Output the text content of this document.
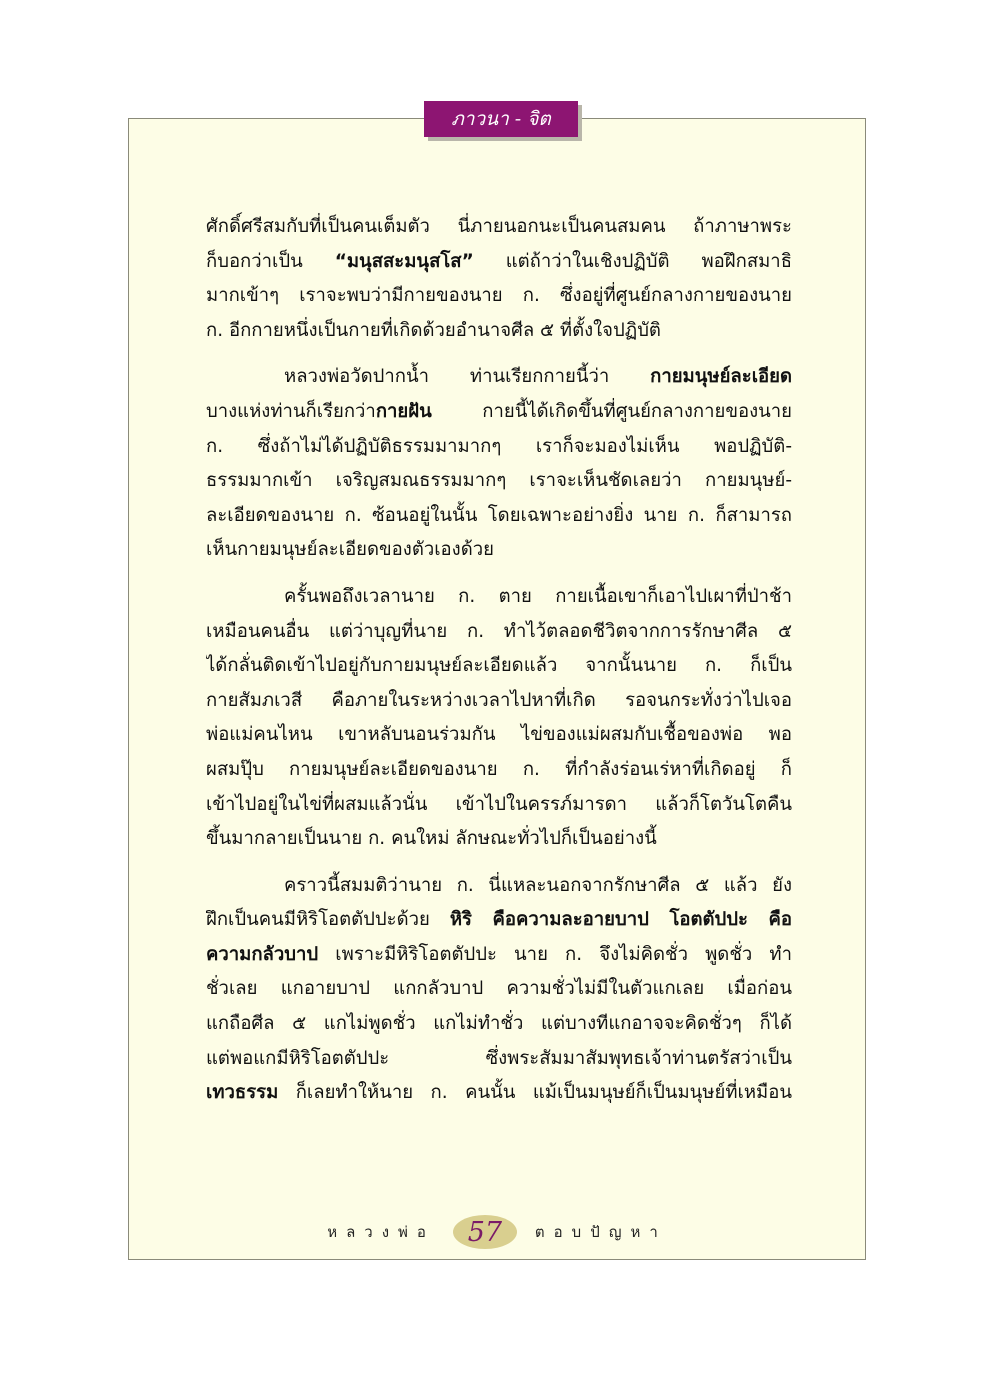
ภาวนา - จิต

ศักดิ์ศรีสมกับที่เป็นคนเต็มตัว นี่ภายนอกนะเป็นคนสมคน ถ้าภาษาพระ
ก็บอกว่าเป็น “มนุสสะมนุสโส” แต่ถ้าว่าในเชิงปฏิบัติ พอฝึกสมาธิ
มากเข้าๆ เราจะพบว่ามีกายของนาย ก. ซึ่งอยู่ที่ศูนย์กลางกายของนาย
ก. อีกกายหนึ่งเป็นกายที่เกิดด้วยอำนาจศีล ๕ ที่ตั้งใจปฏิบัติ

หลวงพ่อวัดปากน้ำ ท่านเรียกกายนี้ว่า กายมนุษย์ละเอียด
บางแห่งท่านก็เรียกว่ากายฝัน กายนี้ได้เกิดขึ้นที่ศูนย์กลางกายของนาย
ก. ซึ่งถ้าไม่ได้ปฏิบัติธรรมมามากๆ เราก็จะมองไม่เห็น พอปฏิบัติ-
ธรรมมากเข้า เจริญสมณธรรมมากๆ เราจะเห็นชัดเลยว่า กายมนุษย์-
ละเอียดของนาย ก. ซ้อนอยู่ในนั้น โดยเฉพาะอย่างยิ่ง นาย ก. ก็สามารถ
เห็นกายมนุษย์ละเอียดของตัวเองด้วย

ครั้นพอถึงเวลานาย ก. ตาย กายเนื้อเขาก็เอาไปเผาที่ป่าช้า
เหมือนคนอื่น แต่ว่าบุญที่นาย ก. ทำไว้ตลอดชีวิตจากการรักษาศีล ๕
ได้กลั่นติดเข้าไปอยู่กับกายมนุษย์ละเอียดแล้ว จากนั้นนาย ก. ก็เป็น
กายสัมภเวสี คือภายในระหว่างเวลาไปหาที่เกิด รอจนกระทั่งว่าไปเจอ
พ่อแม่คนไหน เขาหลับนอนร่วมกัน ไข่ของแม่ผสมกับเชื้อของพ่อ พอ
ผสมปุ๊บ กายมนุษย์ละเอียดของนาย ก. ที่กำลังร่อนเร่หาที่เกิดอยู่ ก็
เข้าไปอยู่ในไข่ที่ผสมแล้วนั่น เข้าไปในครรภ์มารดา แล้วก็โตวันโตคืน
ขึ้นมากลายเป็นนาย ก. คนใหม่ ลักษณะทั่วไปก็เป็นอย่างนี้

คราวนี้สมมติว่านาย ก. นี่แหละนอกจากรักษาศีล ๕ แล้ว ยัง
ฝึกเป็นคนมีหิริโอตตัปปะด้วย หิริ คือความละอายบาป โอตตัปปะ คือ
ความกลัวบาป เพราะมีหิริโอตตัปปะ นาย ก. จึงไม่คิดชั่ว พูดชั่ว ทำ
ชั่วเลย แกอายบาป แกกลัวบาป ความชั่วไม่มีในตัวแกเลย เมื่อก่อน
แกถือศีล ๕ แกไม่พูดชั่ว แกไม่ทำชั่ว แต่บางทีแกอาจจะคิดชั่วๆ ก็ได้
แต่พอแกมีหิริโอตตัปปะ ซึ่งพระสัมมาสัมพุทธเจ้าท่านตรัสว่าเป็น
เทวธรรม ก็เลยทำให้นาย ก. คนนั้น แม้เป็นมนุษย์ก็เป็นมนุษย์ที่เหมือน

หลวงพ่อ	57	ตอบปัญหา
